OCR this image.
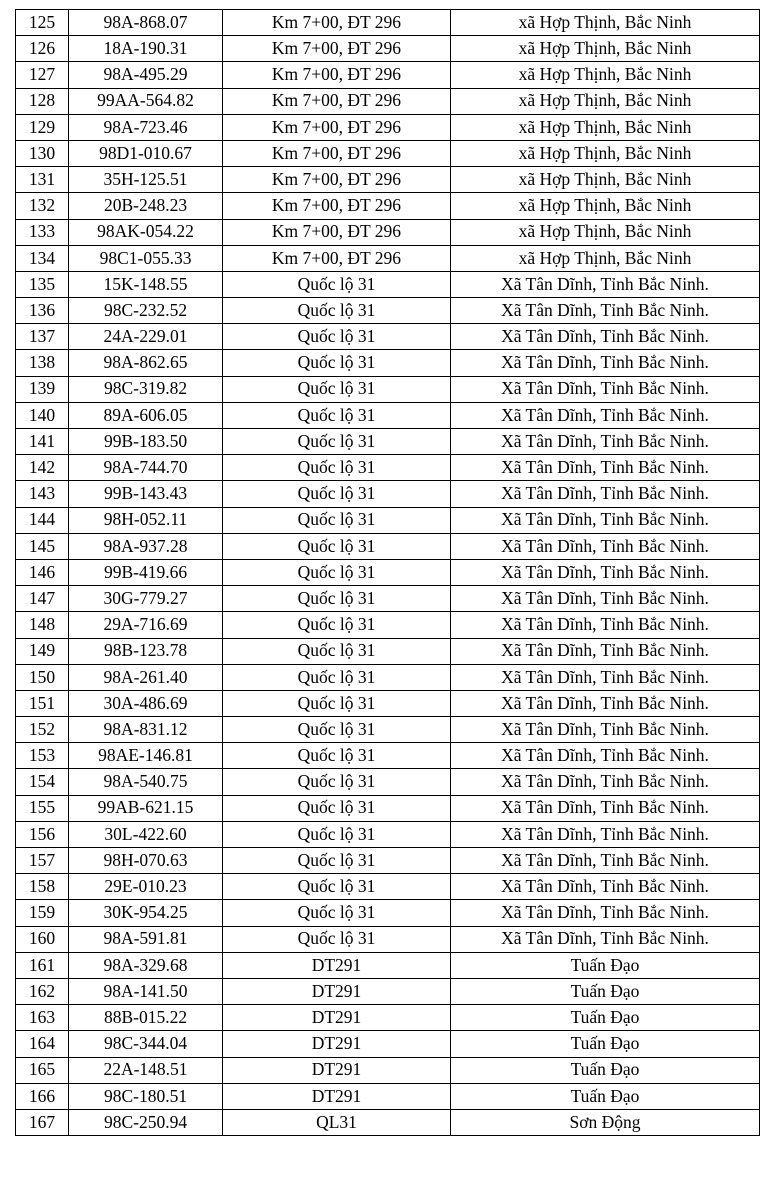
125	98A-868.07	Km 7+00, ĐT 296	xã Hợp Thịnh, Bắc Ninh
126	18A-190.31	Km 7+00, ĐT 296	xã Hợp Thịnh, Bắc Ninh
127	98A-495.29	Km 7+00, ĐT 296	xã Hợp Thịnh, Bắc Ninh
128	99AA-564.82	Km 7+00, ĐT 296	xã Hợp Thịnh, Bắc Ninh
129	98A-723.46	Km 7+00, ĐT 296	xã Hợp Thịnh, Bắc Ninh
130	98D1-010.67	Km 7+00, ĐT 296	xã Hợp Thịnh, Bắc Ninh
131	35H-125.51	Km 7+00, ĐT 296	xã Hợp Thịnh, Bắc Ninh
132	20B-248.23	Km 7+00, ĐT 296	xã Hợp Thịnh, Bắc Ninh
133	98AK-054.22	Km 7+00, ĐT 296	xã Hợp Thịnh, Bắc Ninh
134	98C1-055.33	Km 7+00, ĐT 296	xã Hợp Thịnh, Bắc Ninh
135	15K-148.55	Quốc lộ 31	Xã Tân Dĩnh, Tỉnh Bắc Ninh.
136	98C-232.52	Quốc lộ 31	Xã Tân Dĩnh, Tỉnh Bắc Ninh.
137	24A-229.01	Quốc lộ 31	Xã Tân Dĩnh, Tỉnh Bắc Ninh.
138	98A-862.65	Quốc lộ 31	Xã Tân Dĩnh, Tỉnh Bắc Ninh.
139	98C-319.82	Quốc lộ 31	Xã Tân Dĩnh, Tỉnh Bắc Ninh.
140	89A-606.05	Quốc lộ 31	Xã Tân Dĩnh, Tỉnh Bắc Ninh.
141	99B-183.50	Quốc lộ 31	Xã Tân Dĩnh, Tỉnh Bắc Ninh.
142	98A-744.70	Quốc lộ 31	Xã Tân Dĩnh, Tỉnh Bắc Ninh.
143	99B-143.43	Quốc lộ 31	Xã Tân Dĩnh, Tỉnh Bắc Ninh.
144	98H-052.11	Quốc lộ 31	Xã Tân Dĩnh, Tỉnh Bắc Ninh.
145	98A-937.28	Quốc lộ 31	Xã Tân Dĩnh, Tỉnh Bắc Ninh.
146	99B-419.66	Quốc lộ 31	Xã Tân Dĩnh, Tỉnh Bắc Ninh.
147	30G-779.27	Quốc lộ 31	Xã Tân Dĩnh, Tỉnh Bắc Ninh.
148	29A-716.69	Quốc lộ 31	Xã Tân Dĩnh, Tỉnh Bắc Ninh.
149	98B-123.78	Quốc lộ 31	Xã Tân Dĩnh, Tỉnh Bắc Ninh.
150	98A-261.40	Quốc lộ 31	Xã Tân Dĩnh, Tỉnh Bắc Ninh.
151	30A-486.69	Quốc lộ 31	Xã Tân Dĩnh, Tỉnh Bắc Ninh.
152	98A-831.12	Quốc lộ 31	Xã Tân Dĩnh, Tỉnh Bắc Ninh.
153	98AE-146.81	Quốc lộ 31	Xã Tân Dĩnh, Tỉnh Bắc Ninh.
154	98A-540.75	Quốc lộ 31	Xã Tân Dĩnh, Tỉnh Bắc Ninh.
155	99AB-621.15	Quốc lộ 31	Xã Tân Dĩnh, Tỉnh Bắc Ninh.
156	30L-422.60	Quốc lộ 31	Xã Tân Dĩnh, Tỉnh Bắc Ninh.
157	98H-070.63	Quốc lộ 31	Xã Tân Dĩnh, Tỉnh Bắc Ninh.
158	29E-010.23	Quốc lộ 31	Xã Tân Dĩnh, Tỉnh Bắc Ninh.
159	30K-954.25	Quốc lộ 31	Xã Tân Dĩnh, Tỉnh Bắc Ninh.
160	98A-591.81	Quốc lộ 31	Xã Tân Dĩnh, Tỉnh Bắc Ninh.
161	98A-329.68	DT291	Tuấn Đạo
162	98A-141.50	DT291	Tuấn Đạo
163	88B-015.22	DT291	Tuấn Đạo
164	98C-344.04	DT291	Tuấn Đạo
165	22A-148.51	DT291	Tuấn Đạo
166	98C-180.51	DT291	Tuấn Đạo
167	98C-250.94	QL31	Sơn Động
